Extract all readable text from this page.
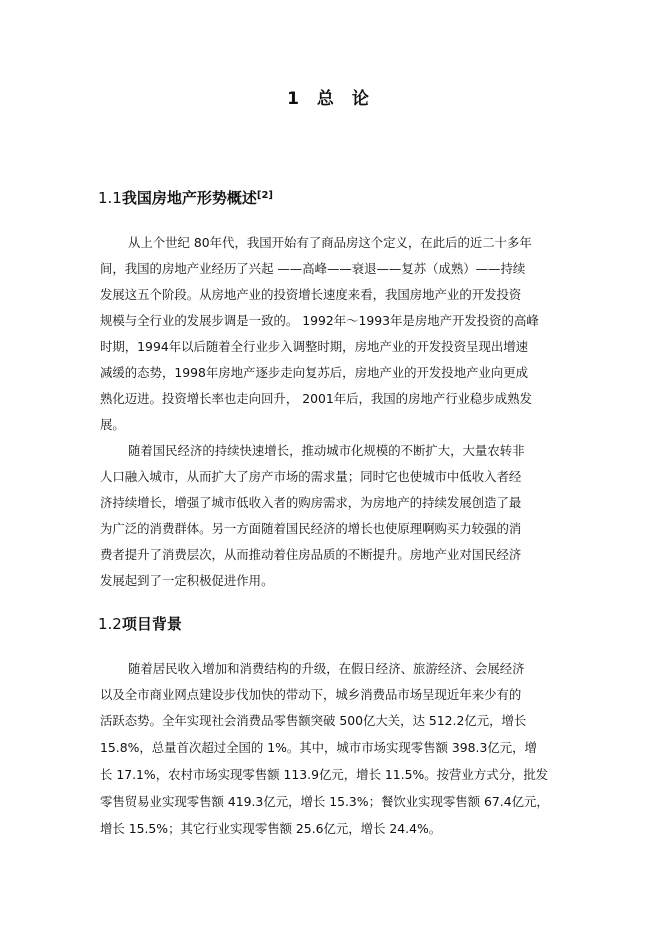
1 总 论
1.1我国房地产形势概述[2]
从上个世纪 80年代，我国开始有了商品房这个定义，在此后的近二十多年
间，我国的房地产业经历了兴起 ——高峰——衰退——复苏（成熟）——持续
发展这五个阶段。从房地产业的投资增长速度来看，我国房地产业的开发投资
规模与全行业的发展步调是一致的。 1992年～1993年是房地产开发投资的高峰
时期，1994年以后随着全行业步入调整时期，房地产业的开发投资呈现出增速
减缓的态势，1998年房地产逐步走向复苏后，房地产业的开发投地产业向更成
熟化迈进。投资增长率也走向回升， 2001年后，我国的房地产行业稳步成熟发
展。
随着国民经济的持续快速增长，推动城市化规模的不断扩大，大量农转非
人口融入城市，从而扩大了房产市场的需求量；同时它也使城市中低收入者经
济持续增长，增强了城市低收入者的购房需求，为房地产的持续发展创造了最
为广泛的消费群体。另一方面随着国民经济的增长也使原理啊购买力较强的消
费者提升了消费层次，从而推动着住房品质的不断提升。房地产业对国民经济
发展起到了一定积极促进作用。
1.2项目背景
随着居民收入增加和消费结构的升级，在假日经济、旅游经济、会展经济
以及全市商业网点建设步伐加快的带动下，城乡消费品市场呈现近年来少有的
活跃态势。全年实现社会消费品零售额突破 500亿大关，达 512.2亿元，增长
15.8%，总量首次超过全国的 1%。其中，城市市场实现零售额 398.3亿元，增
长 17.1%，农村市场实现零售额 113.9亿元，增长 11.5%。按营业方式分，批发
零售贸易业实现零售额 419.3亿元，增长 15.3%；餐饮业实现零售额 67.4亿元，
增长 15.5%；其它行业实现零售额 25.6亿元，增长 24.4%。
